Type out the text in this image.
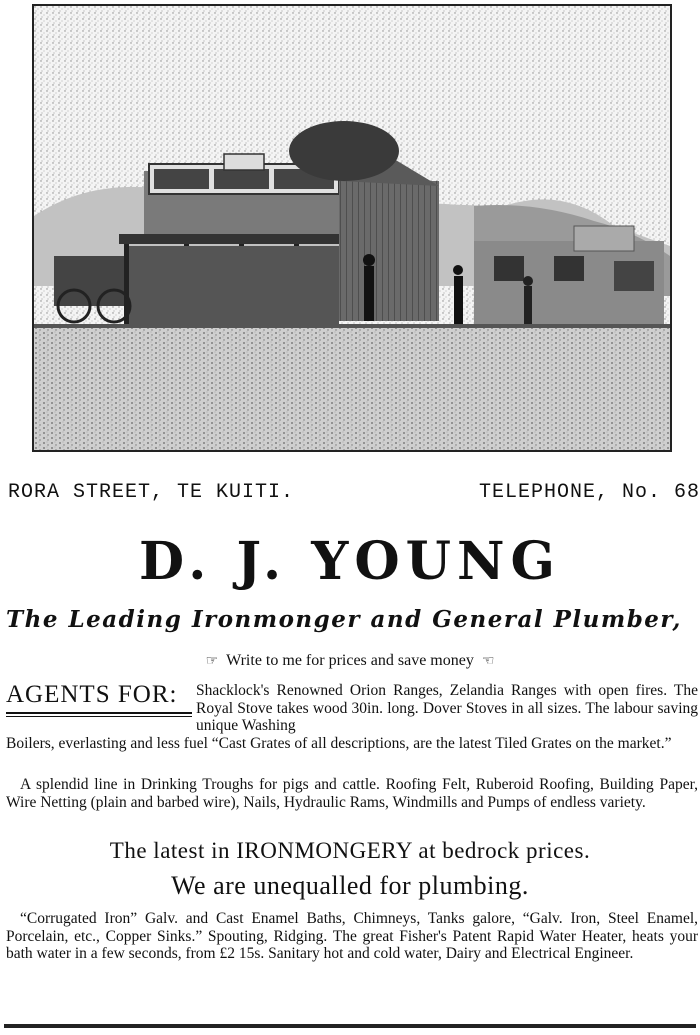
RORA STREET, TE KUITI.	TELEPHONE, No. 68
D. J. YOUNG
The Leading Ironmonger and General Plumber,
☞ Write to me for prices and save money ☜
AGENTS FOR: Shacklock's Renowned Orion Ranges, Zelandia Ranges with open fires. The Royal Stove takes wood 30in. long. Dover Stoves in all sizes. The labour saving unique Washing
Boilers, everlasting and less fuel “Cast Grates of all descriptions, are the latest Tiled Grates on the market.”
A splendid line in Drinking Troughs for pigs and cattle. Roofing Felt, Ruberoid Roofing, Building Paper, Wire Netting (plain and barbed wire), Nails, Hydraulic Rams, Windmills and Pumps of endless variety.
The latest in IRONMONGERY at bedrock prices.
We are unequalled for plumbing.
“Corrugated Iron” Galv. and Cast Enamel Baths, Chimneys, Tanks galore, “Galv. Iron, Steel Enamel, Porcelain, etc., Copper Sinks.” Spouting, Ridging. The great Fisher's Patent Rapid Water Heater, heats your bath water in a few seconds, from £2 15s. Sanitary hot and cold water, Dairy and Electrical Engineer.
